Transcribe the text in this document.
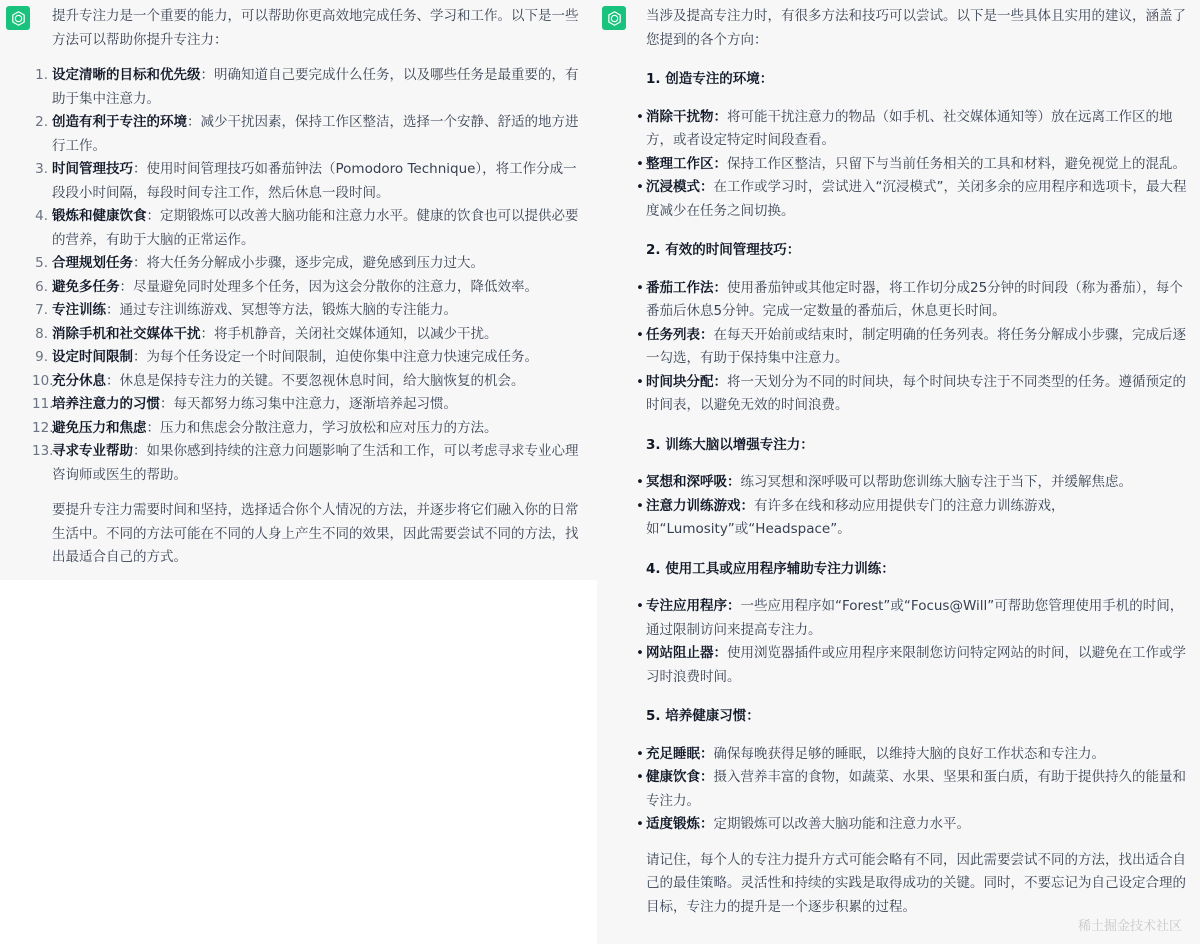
提升专注力是一个重要的能力，可以帮助你更高效地完成任务、学习和工作。以下是一些方法可以帮助你提升专注力：

1. 设定清晰的目标和优先级：明确知道自己要完成什么任务，以及哪些任务是最重要的，有助于集中注意力。
2. 创造有利于专注的环境：减少干扰因素，保持工作区整洁，选择一个安静、舒适的地方进行工作。
3. 时间管理技巧：使用时间管理技巧如番茄钟法（Pomodoro Technique），将工作分成一段段小时间隔，每段时间专注工作，然后休息一段时间。
4. 锻炼和健康饮食：定期锻炼可以改善大脑功能和注意力水平。健康的饮食也可以提供必要的营养，有助于大脑的正常运作。
5. 合理规划任务：将大任务分解成小步骤，逐步完成，避免感到压力过大。
6. 避免多任务：尽量避免同时处理多个任务，因为这会分散你的注意力，降低效率。
7. 专注训练：通过专注训练游戏、冥想等方法，锻炼大脑的专注能力。
8. 消除手机和社交媒体干扰：将手机静音，关闭社交媒体通知，以减少干扰。
9. 设定时间限制：为每个任务设定一个时间限制，迫使你集中注意力快速完成任务。
10.
充分休息：休息是保持专注力的关键。不要忽视休息时间，给大脑恢复的机会。
11.
培养注意力的习惯：每天都努力练习集中注意力，逐渐培养起习惯。
12.
避免压力和焦虑：压力和焦虑会分散注意力，学习放松和应对压力的方法。
13.
寻求专业帮助：如果你感到持续的注意力问题影响了生活和工作，可以考虑寻求专业心理咨询师或医生的帮助。

要提升专注力需要时间和坚持，选择适合你个人情况的方法，并逐步将它们融入你的日常生活中。不同的方法可能在不同的人身上产生不同的效果，因此需要尝试不同的方法，找出最适合自己的方式。

当涉及提高专注力时，有很多方法和技巧可以尝试。以下是一些具体且实用的建议，涵盖了您提到的各个方向：

1. 创造专注的环境：
• 消除干扰物：将可能干扰注意力的物品（如手机、社交媒体通知等）放在远离工作区的地方，或者设定特定时间段查看。
• 整理工作区：保持工作区整洁，只留下与当前任务相关的工具和材料，避免视觉上的混乱。
• 沉浸模式：在工作或学习时，尝试进入“沉浸模式”，关闭多余的应用程序和选项卡，最大程度减少在任务之间切换。
2. 有效的时间管理技巧：
• 番茄工作法：使用番茄钟或其他定时器，将工作切分成25分钟的时间段（称为番茄），每个番茄后休息5分钟。完成一定数量的番茄后，休息更长时间。
• 任务列表：在每天开始前或结束时，制定明确的任务列表。将任务分解成小步骤，完成后逐一勾选，有助于保持集中注意力。
• 时间块分配：将一天划分为不同的时间块，每个时间块专注于不同类型的任务。遵循预定的时间表，以避免无效的时间浪费。
3. 训练大脑以增强专注力：
• 冥想和深呼吸：练习冥想和深呼吸可以帮助您训练大脑专注于当下，并缓解焦虑。
• 注意力训练游戏：有许多在线和移动应用提供专门的注意力训练游戏，如“Lumosity”或“Headspace”。
4. 使用工具或应用程序辅助专注力训练：
• 专注应用程序：一些应用程序如“Forest”或“Focus@Will”可帮助您管理使用手机的时间，通过限制访问来提高专注力。
• 网站阻止器：使用浏览器插件或应用程序来限制您访问特定网站的时间，以避免在工作或学习时浪费时间。
5. 培养健康习惯：
• 充足睡眠：确保每晚获得足够的睡眠，以维持大脑的良好工作状态和专注力。
• 健康饮食：摄入营养丰富的食物，如蔬菜、水果、坚果和蛋白质，有助于提供持久的能量和专注力。
• 适度锻炼：定期锻炼可以改善大脑功能和注意力水平。

请记住，每个人的专注力提升方式可能会略有不同，因此需要尝试不同的方法，找出适合自己的最佳策略。灵活性和持续的实践是取得成功的关键。同时，不要忘记为自己设定合理的目标，专注力的提升是一个逐步积累的过程。

稀土掘金技术社区
